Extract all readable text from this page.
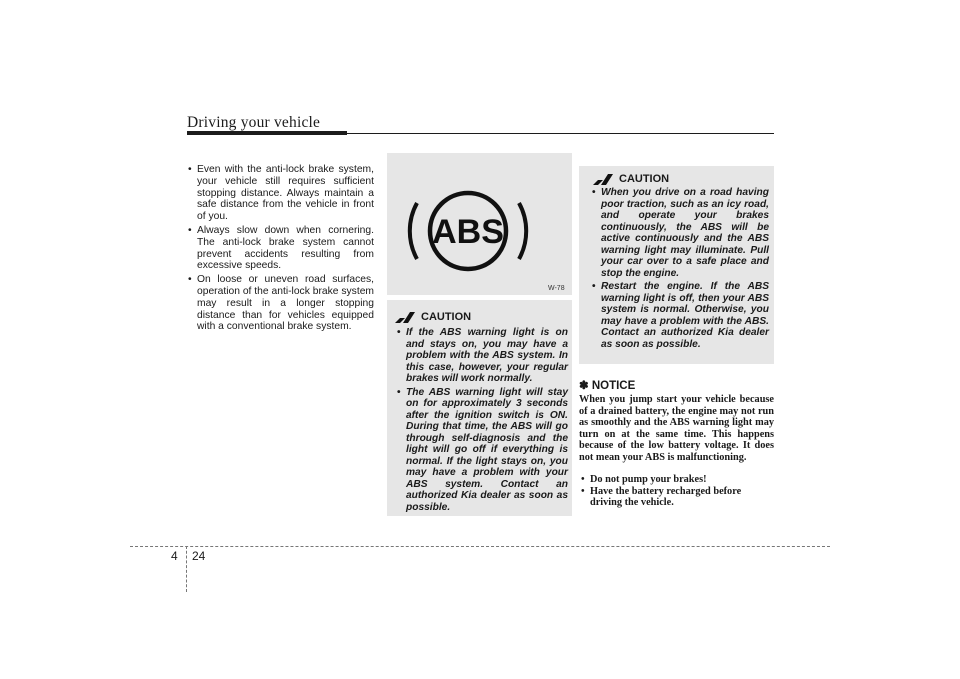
Driving your vehicle
• Even with the anti-lock brake system, your vehicle still requires sufficient stopping distance. Always maintain a safe distance from the vehicle in front of you.
• Always slow down when cornering. The anti-lock brake system cannot prevent accidents resulting from excessive speeds.
• On loose or uneven road surfaces, operation of the anti-lock brake system may result in a longer stopping distance than for vehicles equipped with a conventional brake system.
ABS
W-78
CAUTION
• If the ABS warning light is on and stays on, you may have a problem with the ABS system. In this case, however, your regular brakes will work normally.
• The ABS warning light will stay on for approximately 3 seconds after the ignition switch is ON. During that time, the ABS will go through self-diagnosis and the light will go off if everything is normal. If the light stays on, you may have a problem with your ABS system. Contact an authorized Kia dealer as soon as possible.
CAUTION
• When you drive on a road having poor traction, such as an icy road, and operate your brakes continuously, the ABS will be active continuously and the ABS warning light may illuminate. Pull your car over to a safe place and stop the engine.
• Restart the engine. If the ABS warning light is off, then your ABS system is normal. Otherwise, you may have a problem with the ABS. Contact an authorized Kia dealer as soon as possible.
✽ NOTICE

When you jump start your vehicle because of a drained battery, the engine may not run as smoothly and the ABS warning light may turn on at the same time. This happens because of the low battery voltage. It does not mean your ABS is malfunctioning.

• Do not pump your brakes!
• Have the battery recharged before driving the vehicle.
4 24
